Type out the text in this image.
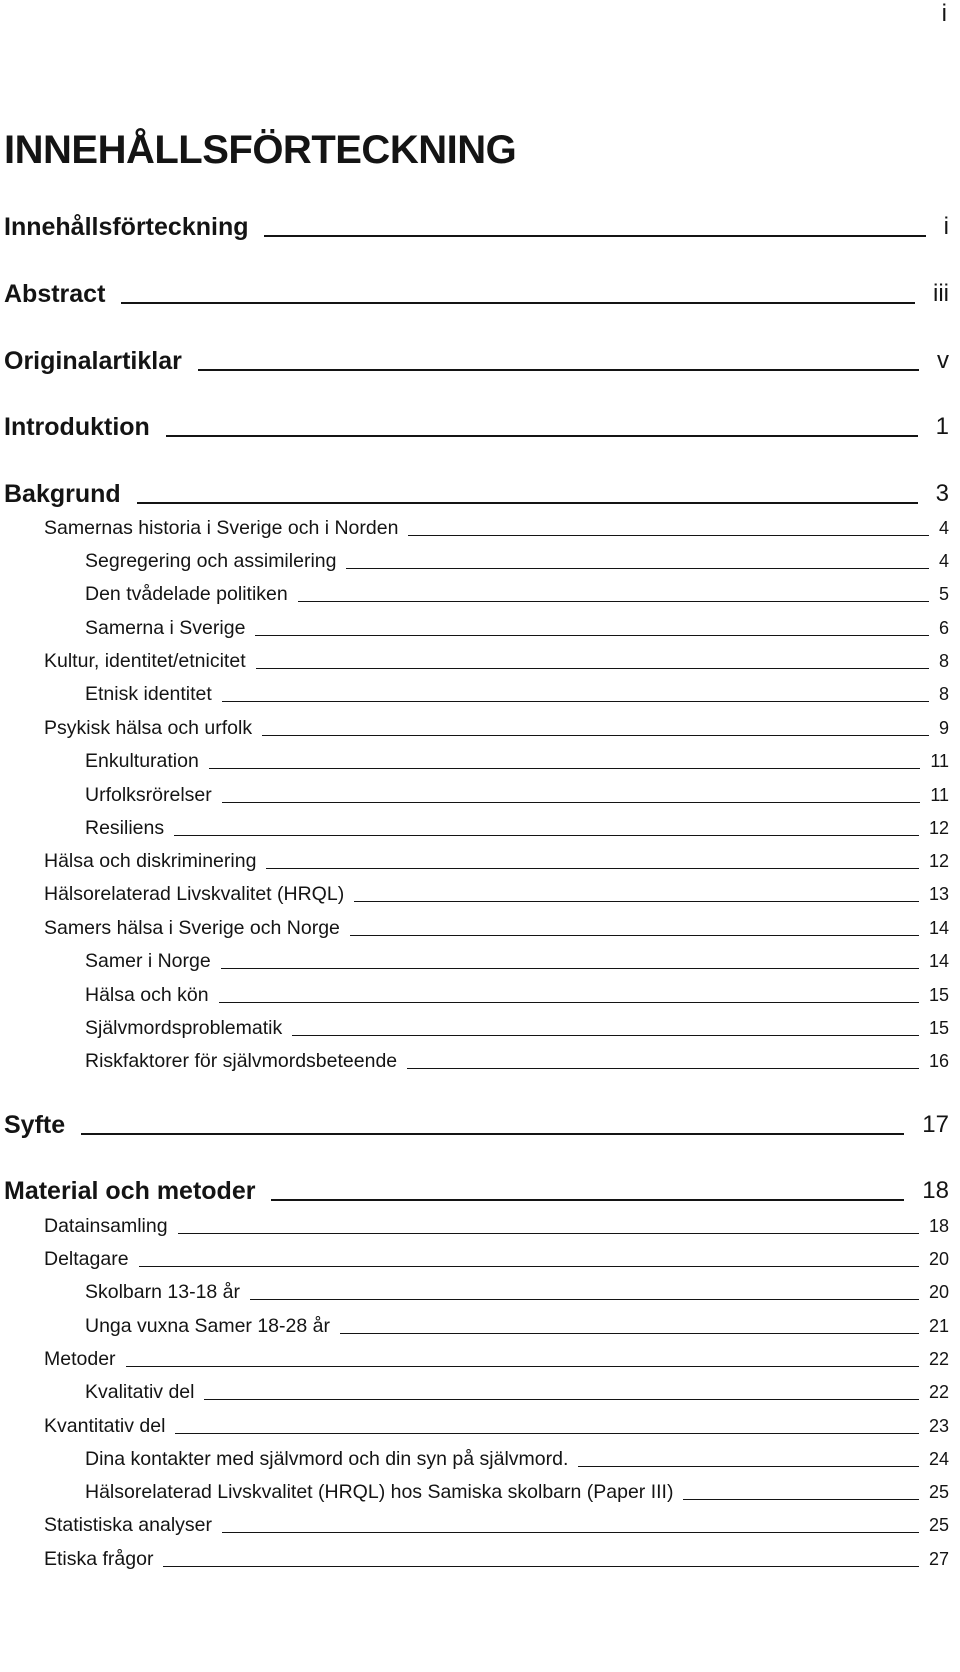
i
INNEHÅLLSFÖRTECKNING
Innehållsförteckning	i
Abstract	iii
Originalartiklar	v
Introduktion	1
Bakgrund	3
Samernas historia i Sverige och i Norden	4
Segregering och assimilering	4
Den tvådelade politiken	5
Samerna i Sverige	6
Kultur, identitet/etnicitet	8
Etnisk identitet	8
Psykisk hälsa och urfolk	9
Enkulturation	11
Urfolksrörelser	11
Resiliens	12
Hälsa och diskriminering	12
Hälsorelaterad Livskvalitet (HRQL)	13
Samers hälsa i Sverige och Norge	14
Samer i Norge	14
Hälsa och kön	15
Självmordsproblematik	15
Riskfaktorer för självmordsbeteende	16
Syfte	17
Material och metoder	18
Datainsamling	18
Deltagare	20
Skolbarn 13-18 år	20
Unga vuxna Samer 18-28 år	21
Metoder	22
Kvalitativ del	22
Kvantitativ del	23
Dina kontakter med självmord och din syn på självmord.	24
Hälsorelaterad Livskvalitet (HRQL) hos Samiska skolbarn (Paper III)	25
Statistiska analyser	25
Etiska frågor	27
